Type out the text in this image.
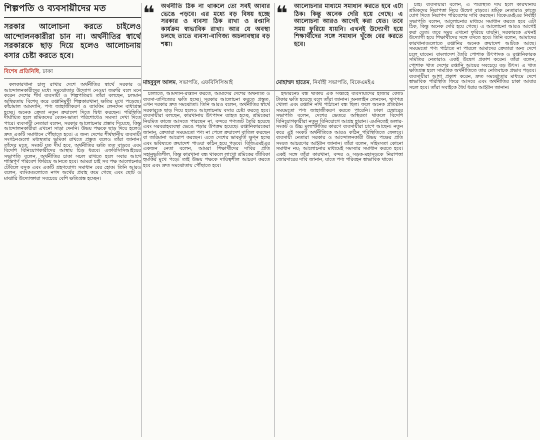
শিল্পপতি ও ব্যবসায়ীদের মত
সরকার আলোচনা করতে চাইলেও আন্দোলনকারীরা চান না। অর্থনীতির স্বার্থে সরকারকে ছাড় দিয়ে হলেও আলোচনায় বসার চেষ্টা করতে হবে।
বিশেষ প্রতিনিধি, ঢাকা

কলকারখানা চালু রাখার দেশে অর্থনীতির স্বার্থে সরকার ও আন্দোলনকারীদের মধ্যে সমঝোতার উদ্যোগ নেওয়া জরুরি বলে মনে করেন দেশের শীর্ষ ব্যবসায়ী ও শিল্পপতিরা। তাঁরা বলছেন, চলমান অস্থিরতায় বিশেষ করে রপ্তানিমুখী শিল্পকারখানা ক্ষতির মুখে পড়েছে। কাঁচামাল আমদানি, পণ্য জাহাজীকরণ ও ব্যাংকিং লেনদেন বাধাগ্রস্ত হচ্ছে। অনেক ক্রেতা নতুন ক্রয়াদেশ দিতে দ্বিধা করছেন। পরিস্থিতি দীর্ঘায়িত হলে শ্রমিকদের বেতন-ভাতা পরিশোধেও সমস্যা দেখা দিতে পারে। ব্যবসায়ী নেতারা বলেন, সরকার আলোচনার প্রস্তাব দিয়েছে, কিন্তু আন্দোলনকারীরা এখনো সাড়া দেননি। উভয় পক্ষকে ছাড় দিয়ে হলেও দ্রুত একটি সমাধানে পৌঁছাতে হবে। এ জন্য দেশের শীর্ষস্থানীয় ব্যবসায়ী সংগঠনগুলো মধ্যস্থতার ভূমিকা রাখতে প্রস্তুত বলেও তাঁরা জানান। তাঁদের মতে, সংকট যত দীর্ঘ হবে, অর্থনীতির ক্ষতি তত বাড়বে এবং বিদেশি বিনিয়োগকারীদের আস্থায় চিড় ধরবে। এফবিসিসিআইয়ের সভাপতি বলেন, অর্থনীতির চাকা সচল রাখতে হলে সবার আগে শান্তিপূর্ণ পরিবেশ ফিরিয়ে আনতে হবে। আমরা চাই সব পক্ষ আলোচনার টেবিলে বসুক এবং একটি গ্রহণযোগ্য সমাধান বের হোক। তিনি আরও বলেন, ব্যাংকগুলোতে নগদ অর্থের প্রবাহ কমে গেছে এবং ছোট ও মাঝারি উদ্যোক্তারা সবচেয়ে বেশি ক্ষতিগ্রস্ত হচ্ছেন।

❝	অর্থনীতি ঠিক না থাকলে তো সবই আবার ভেঙে পড়বে। এর মধ্যে বড় বিষয় হচ্ছে সরকার ও ব্যবসা ঠিক রাখা ও রপ্তানি কার্যক্রম স্বাভাবিক রাখা। আর যে অবস্থা চলছে তাতে ব্যবসা-বাণিজ্য অচলাবস্থার বড় শঙ্কা।
মাহবুবুল আলম, সভাপতি, এফবিসিসিআই
❝	আলোচনার মাধ্যমে সমাধান করতে হবে এটা ঠিক। কিন্তু অনেক দেরি হয়ে গেছে। এ আলোচনা আরও আগেই করা যেত। তবে সময় ফুরিয়ে যায়নি। এখনই উদ্যোগী হয়ে শিক্ষার্থীদের সঙ্গে সমাধান খুঁজে বের করতে হবে।
মোহাম্মদ হাতেম, নির্বাহী সভাপতি, বিকেএমইএ

চালাতে, আমদানি-রপ্তানি করতে, আমাদের দেশের অর্থনীতি ও ব্যবসা-বাণিজ্যের ক্ষতি হচ্ছে। সরকার আলোচনা করতে প্রস্তুত, এখন দরকার দ্রুত সমঝোতা। তিনি আরও বলেন, অর্থনীতির স্বার্থে সরকারকে ছাড় দিয়ে হলেও আলোচনায় বসার চেষ্টা করতে হবে। ব্যবসায়ীরা বলছেন, কারখানায় উৎপাদন ব্যাহত হচ্ছে, শ্রমিকেরা নিয়মিত কাজে আসতে পারছেন না, বন্দরে পণ্যজট তৈরি হয়েছে এবং সরবরাহব্যবস্থা ভেঙে পড়ার উপক্রম হয়েছে। রপ্তানিকারকেরা জানান, ক্রেতারা সময়মতো পণ্য না পেলে ক্রয়াদেশ বাতিল করছেন বা জরিমানা আরোপ করছেন। এতে দেশের ভাবমূর্তি ক্ষুণ্ন হচ্ছে এবং ভবিষ্যতে ক্রয়াদেশ পাওয়া কঠিন হয়ে পড়বে। বিজিএমইএর একজন নেতা বলেন, আমরা শিক্ষার্থীদের দাবির প্রতি সহানুভূতিশীল, কিন্তু কারখানা বন্ধ থাকলে লাখো শ্রমিকের জীবিকা হুমকির মুখে পড়ে। তাই উভয় পক্ষকে দায়িত্বশীল আচরণ করতে হবে এবং দ্রুত সমঝোতায় পৌঁছাতে হবে।

ইন্টারনেট বন্ধ থাকায় এক সপ্তাহে ব্যবসায়ীদের হাজার কোটি টাকার ক্ষতি হয়েছে বলে তাঁরা জানান। অনলাইন লেনদেন, ঋণপত্র খোলা এবং রপ্তানি নথি পাঠানো বন্ধ ছিল। ফলে অনেক প্রতিষ্ঠান সময়মতো পণ্য জাহাজীকরণ করতে পারেনি। ঢাকা চেম্বারের সভাপতি বলেন, দেশের ভেতরে অস্থিরতা থাকলে বিদেশি বিনিয়োগকারীরা নতুন বিনিয়োগে আগ্রহ হারান। এমনিতেই ডলার-সংকট ও উচ্চ মূল্যস্ফীতির কারণে ব্যবসায়ীরা চাপে আছেন। নতুন করে এই সংকট অর্থনীতিকে আরও কঠিন পরিস্থিতিতে ফেলবে। ব্যবসায়ী নেতারা সরকার ও আন্দোলনকারী উভয় পক্ষের প্রতি সংযত আচরণের আহ্বান জানান। তাঁরা বলেন, সহিংসতা কোনো সমাধান নয়; আলোচনার মাধ্যমেই সমস্যার সমাধান করতে হবে। একই সঙ্গে তাঁরা কারখানা, বন্দর ও সড়ক-মহাসড়কে নিরাপত্তা জোরদারের দাবি জানান, যাতে পণ্য পরিবহন স্বাভাবিক থাকে।

চাই। ব্যবসায়ীরা বলেন, এ পরিস্থিতি দীর্ঘ হলে কারখানায় শ্রমিকদের নিরাপত্তা নিয়ে উদ্বেগ বাড়বে। শ্রমিক নেতারাও কাজে যোগ দিতে নিরাপদ পরিবেশের দাবি করছেন। বিকেএমইএর নির্বাহী সভাপতি বলেন, আলোচনার মাধ্যমে সমাধান করতে হবে এটা ঠিক, কিন্তু অনেক দেরি হয়ে গেছে। এ আলোচনা আরও আগেই করা যেত। তবে সময় এখনো ফুরিয়ে যায়নি। সরকারকে এখনই উদ্যোগী হয়ে শিক্ষার্থীদের সঙ্গে বসতে হবে। তিনি বলেন, আমাদের কারখানাগুলোতে রপ্তানির অনেক ক্রয়াদেশ আটকে আছে। সময়মতো পণ্য পাঠাতে না পারলে আমাদের ক্রেতারা অন্য দেশে চলে যাবেন। বাংলাদেশ তৈরি পোশাক উৎপাদক ও রপ্তানিকারক সমিতির নেতারাও একই উদ্বেগ প্রকাশ করেন। তাঁরা বলেন, পোশাক খাত দেশের রপ্তানি আয়ের সবচেয়ে বড় উৎস। এ খাত ক্ষতিগ্রস্ত হলে সামগ্রিক অর্থনীতিতে তার নেতিবাচক প্রভাব পড়বে। ব্যবসায়ীরা আশা প্রকাশ করেন, দ্রুত সমঝোতার মাধ্যমে দেশে স্বাভাবিক পরিস্থিতি ফিরে আসবে এবং অর্থনীতির চাকা আবার সচল হবে। তাঁরা সবাইকে ধৈর্য ধরার আহ্বান জানান।
